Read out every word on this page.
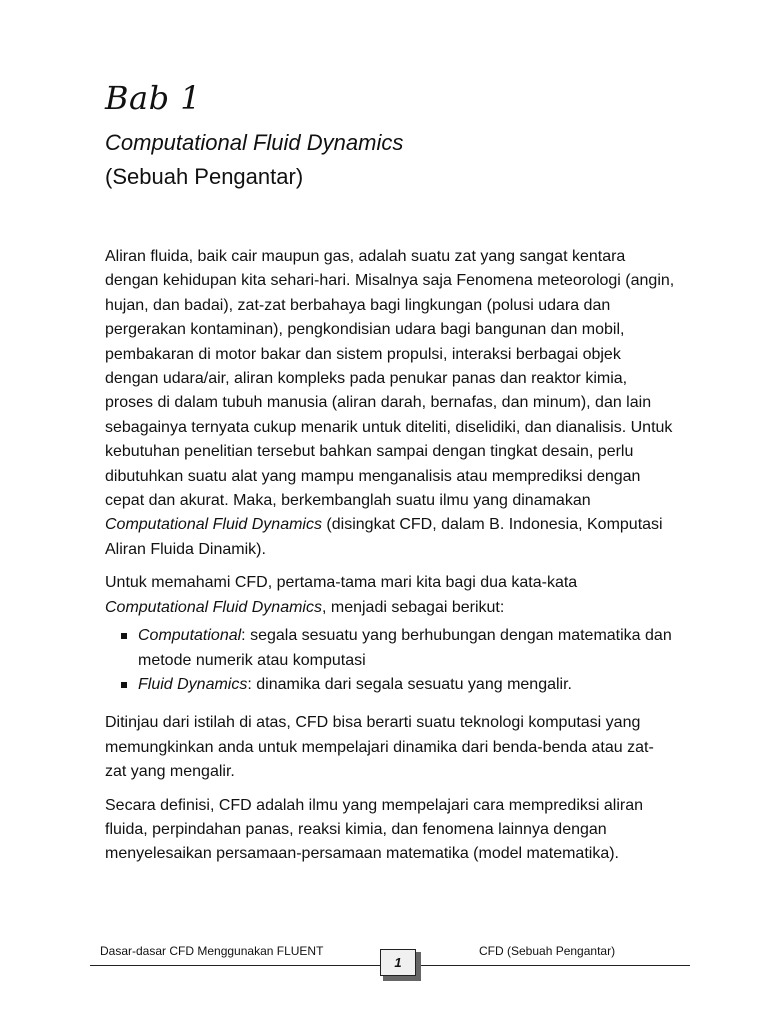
Bab 1
Computational Fluid Dynamics
(Sebuah Pengantar)

Aliran fluida, baik cair maupun gas, adalah suatu zat yang sangat kentara dengan kehidupan kita sehari-hari. Misalnya saja Fenomena meteorologi (angin, hujan, dan badai), zat-zat berbahaya bagi lingkungan (polusi udara dan pergerakan kontaminan), pengkondisian udara bagi bangunan dan mobil, pembakaran di motor bakar dan sistem propulsi, interaksi berbagai objek dengan udara/air, aliran kompleks pada penukar panas dan reaktor kimia, proses di dalam tubuh manusia (aliran darah, bernafas, dan minum), dan lain sebagainya ternyata cukup menarik untuk diteliti, diselidiki, dan dianalisis. Untuk kebutuhan penelitian tersebut bahkan sampai dengan tingkat desain, perlu dibutuhkan suatu alat yang mampu menganalisis atau memprediksi dengan cepat dan akurat. Maka, berkembanglah suatu ilmu yang dinamakan Computational Fluid Dynamics (disingkat CFD, dalam B. Indonesia, Komputasi Aliran Fluida Dinamik).

Untuk memahami CFD, pertama-tama mari kita bagi dua kata-kata Computational Fluid Dynamics, menjadi sebagai berikut:

Computational: segala sesuatu yang berhubungan dengan matematika dan metode numerik atau komputasi
Fluid Dynamics: dinamika dari segala sesuatu yang mengalir.

Ditinjau dari istilah di atas, CFD bisa berarti suatu teknologi komputasi yang memungkinkan anda untuk mempelajari dinamika dari benda-benda atau zat-zat yang mengalir.

Secara definisi, CFD adalah ilmu yang mempelajari cara memprediksi aliran fluida, perpindahan panas, reaksi kimia, dan fenomena lainnya dengan menyelesaikan persamaan-persamaan matematika (model matematika).

Dasar-dasar CFD Menggunakan FLUENT	CFD (Sebuah Pengantar)
1
